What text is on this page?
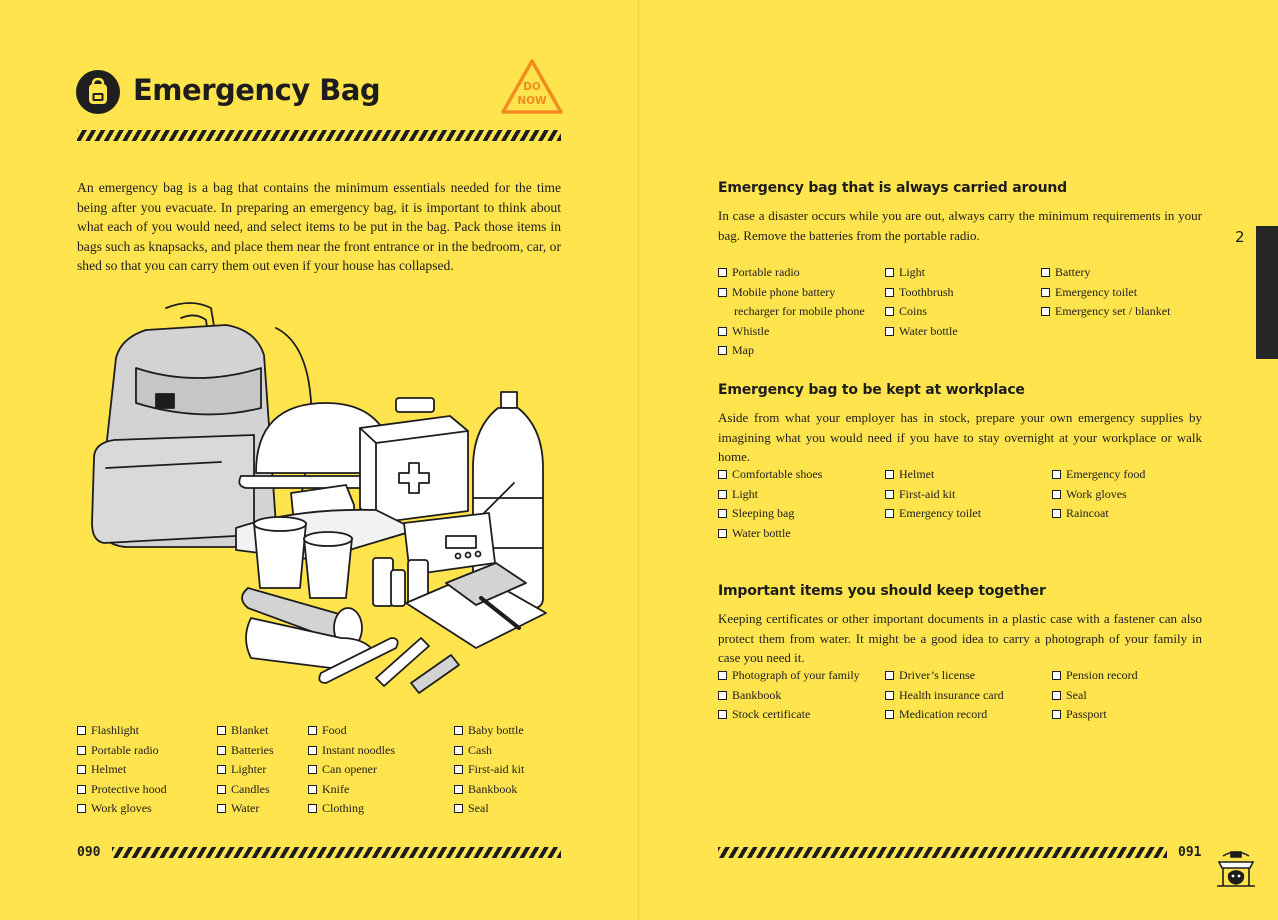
Emergency Bag	DO
NOW

An emergency bag is a bag that contains the minimum essentials needed for the time being after you evacuate. In preparing an emergency bag, it is important to think about what each of you would need, and select items to be put in the bag. Pack those items in bags such as knapsacks, and place them near the front entrance or in the bedroom, car, or shed so that you can carry them out even if your house has collapsed.

Flashlight
Portable radio
Helmet
Protective hood
Work gloves
Blanket
Batteries
Lighter
Candles
Water
Food
Instant noodles
Can opener
Knife
Clothing
Baby bottle
Cash
First-aid kit
Bankbook
Seal
090
2
Emergency bag that is always carried around

In case a disaster occurs while you are out, always carry the minimum requirements in your bag. Remove the batteries from the portable radio.

Portable radio
Mobile phone battery
recharger for mobile phone
Whistle
Map
Light
Toothbrush
Coins
Water bottle
Battery
Emergency toilet
Emergency set / blanket
Emergency bag to be kept at workplace

Aside from what your employer has in stock, prepare your own emergency supplies by imagining what you would need if you have to stay overnight at your workplace or walk home.

Comfortable shoes
Light
Sleeping bag
Water bottle
Helmet
First-aid kit
Emergency toilet
Emergency food
Work gloves
Raincoat
Important items you should keep together

Keeping certificates or other important documents in a plastic case with a fastener can also protect them from water. It might be a good idea to carry a photograph of your family in case you need it.

Photograph of your family
Bankbook
Stock certificate
Driver’s license
Health insurance card
Medication record
Pension record
Seal
Passport
091
